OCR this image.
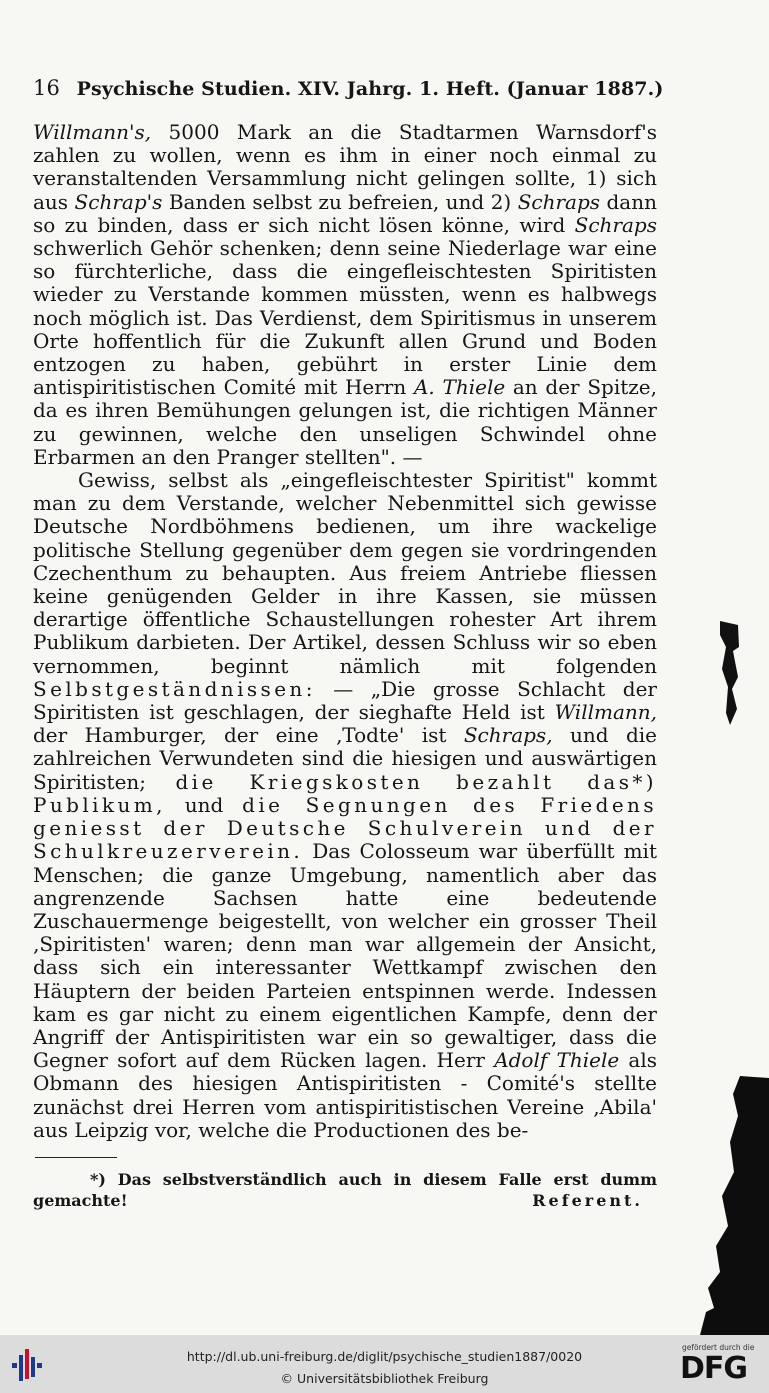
16 Psychische Studien. XIV. Jahrg. 1. Heft. (Januar 1887.)

Willmann's, 5000 Mark an die Stadtarmen Warnsdorf's zahlen zu wollen, wenn es ihm in einer noch einmal zu veranstaltenden Versammlung nicht gelingen sollte, 1) sich aus Schrap's Banden selbst zu befreien, und 2) Schraps dann so zu binden, dass er sich nicht lösen könne, wird Schraps schwerlich Gehör schenken; denn seine Niederlage war eine so fürchterliche, dass die eingefleischtesten Spiritisten wieder zu Verstande kommen müssten, wenn es halbwegs noch möglich ist. Das Verdienst, dem Spiritismus in unserem Orte hoffentlich für die Zukunft allen Grund und Boden entzogen zu haben, gebührt in erster Linie dem antispiritistischen Comité mit Herrn A. Thiele an der Spitze, da es ihren Bemühungen gelungen ist, die richtigen Männer zu gewinnen, welche den unseligen Schwindel ohne Erbarmen an den Pranger stellten". —

Gewiss, selbst als „eingefleischtester Spiritist" kommt man zu dem Verstande, welcher Nebenmittel sich gewisse Deutsche Nordböhmens bedienen, um ihre wackelige politische Stellung gegenüber dem gegen sie vordringenden Czechenthum zu behaupten. Aus freiem Antriebe fliessen keine genügenden Gelder in ihre Kassen, sie müssen derartige öffentliche Schaustellungen rohester Art ihrem Publikum darbieten. Der Artikel, dessen Schluss wir so eben vernommen, beginnt nämlich mit folgenden Selbstgeständnissen: — „Die grosse Schlacht der Spiritisten ist geschlagen, der sieghafte Held ist Willmann, der Hamburger, der eine ‚Todte' ist Schraps, und die zahlreichen Verwundeten sind die hiesigen und auswärtigen Spiritisten; die Kriegskosten bezahlt das*) Publikum, und die Segnungen des Friedens geniesst der Deutsche Schulverein und der Schulkreuzerverein. Das Colosseum war überfüllt mit Menschen; die ganze Umgebung, namentlich aber das angrenzende Sachsen hatte eine bedeutende Zuschauermenge beigestellt, von welcher ein grosser Theil ‚Spiritisten' waren; denn man war allgemein der Ansicht, dass sich ein interessanter Wettkampf zwischen den Häuptern der beiden Parteien entspinnen werde. Indessen kam es gar nicht zu einem eigentlichen Kampfe, denn der Angriff der Antispiritisten war ein so gewaltiger, dass die Gegner sofort auf dem Rücken lagen. Herr Adolf Thiele als Obmann des hiesigen Antispiritisten - Comité's stellte zunächst drei Herren vom antispiritistischen Vereine ‚Abila' aus Leipzig vor, welche die Productionen des be-

*) Das selbstverständlich auch in diesem Falle erst dumm gemachte!	Referent.
http://dl.ub.uni-freiburg.de/diglit/psychische_studien1887/0020
© Universitätsbibliothek Freiburg
gefördert durch die
DFG
